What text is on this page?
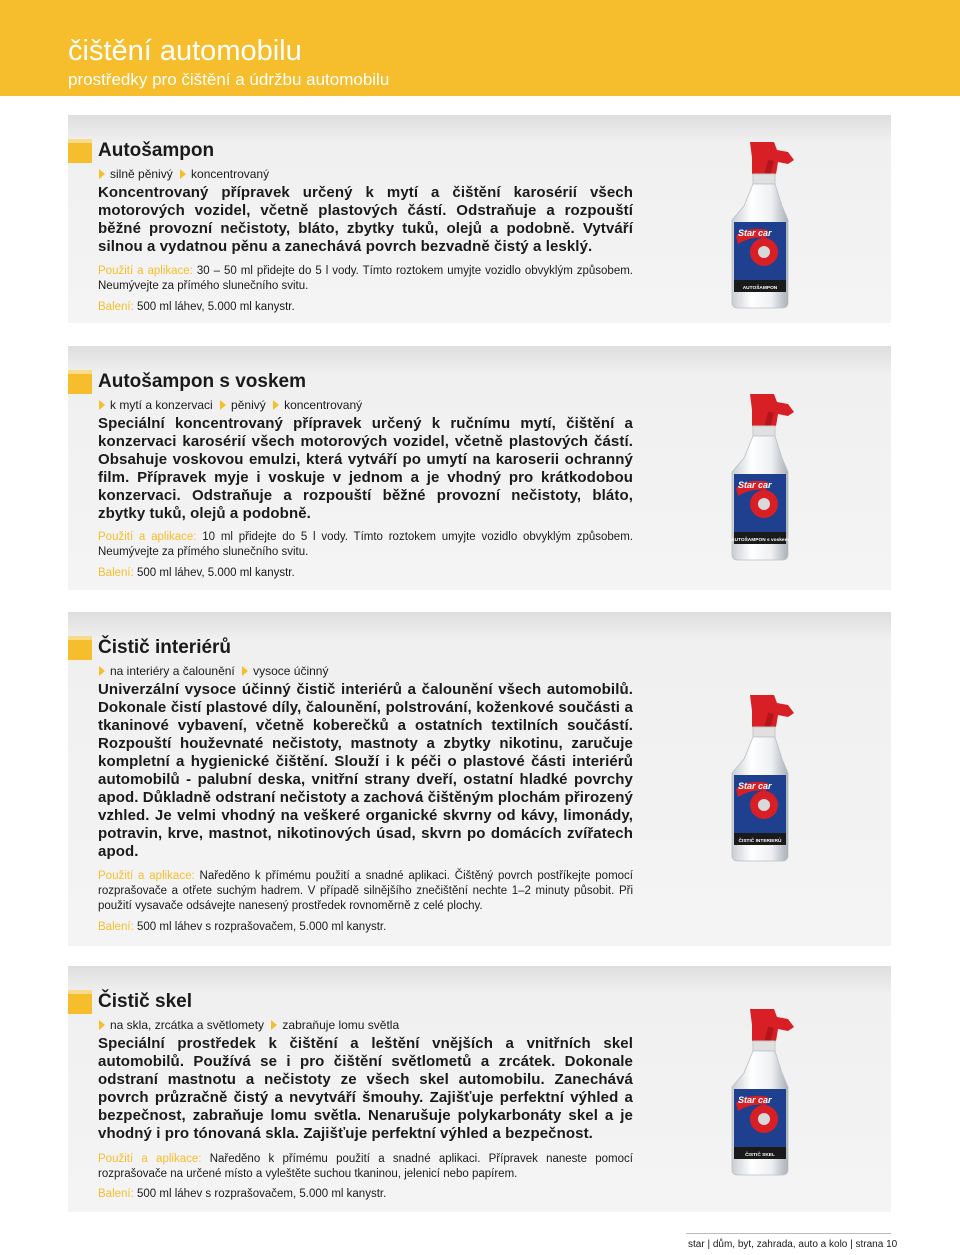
čištění automobilu
prostředky pro čištění a údržbu automobilu
Autošampon
silně pěnivý koncentrovaný

Koncentrovaný přípravek určený k mytí a čištění karosérií všech motorových vozidel, včetně plastových částí. Odstraňuje a rozpouští běžné provozní nečistoty, bláto, zbytky tuků, olejů a podobně. Vytváří silnou a vydatnou pěnu a zanechává povrch bezvadně čistý a lesklý.

Použití a aplikace: 30 – 50 ml přidejte do 5 l vody. Tímto roztokem umyjte vozidlo obvyklým způsobem. Neumývejte za přímého slunečního svitu.

Balení: 500 ml láhev, 5.000 ml kanystr.
Autošampon s voskem
k mytí a konzervaci pěnivý koncentrovaný

Speciální koncentrovaný přípravek určený k ručnímu mytí, čištění a konzervaci karosérií všech motorových vozidel, včetně plastových částí. Obsahuje voskovou emulzi, která vytváří po umytí na karoserii ochranný film. Přípravek myje i voskuje v jednom a je vhodný pro krátkodobou konzervaci. Odstraňuje a rozpouští běžné provozní nečistoty, bláto, zbytky tuků, olejů a podobně.

Použití a aplikace: 10 ml přidejte do 5 l vody. Tímto roztokem umyjte vozidlo obvyklým způsobem. Neumývejte za přímého slunečního svitu.

Balení: 500 ml láhev, 5.000 ml kanystr.
Čistič interiérů
na interiéry a čalounění vysoce účinný

Univerzální vysoce účinný čistič interiérů a čalounění všech automobilů. Dokonale čistí plastové díly, čalounění, polstrování, koženkové součásti a tkaninové vybavení, včetně koberečků a ostatních textilních součástí. Rozpouští houževnaté nečistoty, mastnoty a zbytky nikotinu, zaručuje kompletní a hygienické čištění. Slouží i k péči o plastové části interiérů automobilů - palubní deska, vnitřní strany dveří, ostatní hladké povrchy apod. Důkladně odstraní nečistoty a zachová čištěným plochám přirozený vzhled. Je velmi vhodný na veškeré organické skvrny od kávy, limonády, potravin, krve, mastnot, nikotinových úsad, skvrn po domácích zvířatech apod.

Použití a aplikace: Naředěno k přímému použití a snadné aplikaci. Čištěný povrch postříkejte pomocí rozprašovače a otřete suchým hadrem. V případě silnějšího znečištění nechte 1–2 minuty působit. Při použití vysavače odsávejte nanesený prostředek rovnoměrně z celé plochy.

Balení: 500 ml láhev s rozprašovačem, 5.000 ml kanystr.
Čistič skel
na skla, zrcátka a světlomety zabraňuje lomu světla

Speciální prostředek k čištění a leštění vnějších a vnitřních skel automobilů. Používá se i pro čištění světlometů a zrcátek. Dokonale odstraní mastnotu a nečistoty ze všech skel automobilu. Zanechává povrch průzračně čistý a nevytváří šmouhy. Zajišťuje perfektní výhled a bezpečnost, zabraňuje lomu světla. Nenarušuje polykarbonáty skel a je vhodný i pro tónovaná skla. Zajišťuje perfektní výhled a bezpečnost.

Použití a aplikace: Naředěno k přímému použití a snadné aplikaci. Přípravek naneste pomocí rozprašovače na určené místo a vyleštěte suchou tkaninou, jelenicí nebo papírem.

Balení: 500 ml láhev s rozprašovačem, 5.000 ml kanystr.
Star car
AUTOŠAMPON
Star car
AUTOŠAMPON s voskem
Star car
ČISTIČ INTERIERŮ
Star car
ČISTIČ SKEL
star | dům, byt, zahrada, auto a kolo | strana 10
